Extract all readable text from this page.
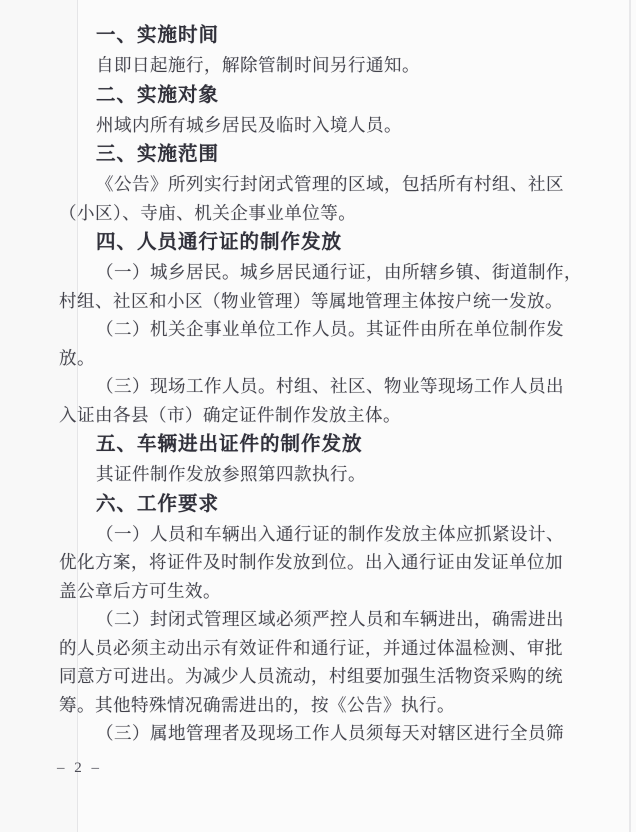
一、实施时间
自即日起施行，解除管制时间另行通知。
二、实施对象
州域内所有城乡居民及临时入境人员。
三、实施范围
《公告》所列实行封闭式管理的区域，包括所有村组、社区
（小区）、寺庙、机关企事业单位等。
四、人员通行证的制作发放
（一）城乡居民。城乡居民通行证，由所辖乡镇、街道制作，
村组、社区和小区（物业管理）等属地管理主体按户统一发放。
（二）机关企事业单位工作人员。其证件由所在单位制作发
放。
（三）现场工作人员。村组、社区、物业等现场工作人员出
入证由各县（市）确定证件制作发放主体。
五、车辆进出证件的制作发放
其证件制作发放参照第四款执行。
六、工作要求
（一）人员和车辆出入通行证的制作发放主体应抓紧设计、
优化方案，将证件及时制作发放到位。出入通行证由发证单位加
盖公章后方可生效。
（二）封闭式管理区域必须严控人员和车辆进出，确需进出
的人员必须主动出示有效证件和通行证，并通过体温检测、审批
同意方可进出。为减少人员流动，村组要加强生活物资采购的统
筹。其他特殊情况确需进出的，按《公告》执行。
（三）属地管理者及现场工作人员须每天对辖区进行全员筛
– 2 –
